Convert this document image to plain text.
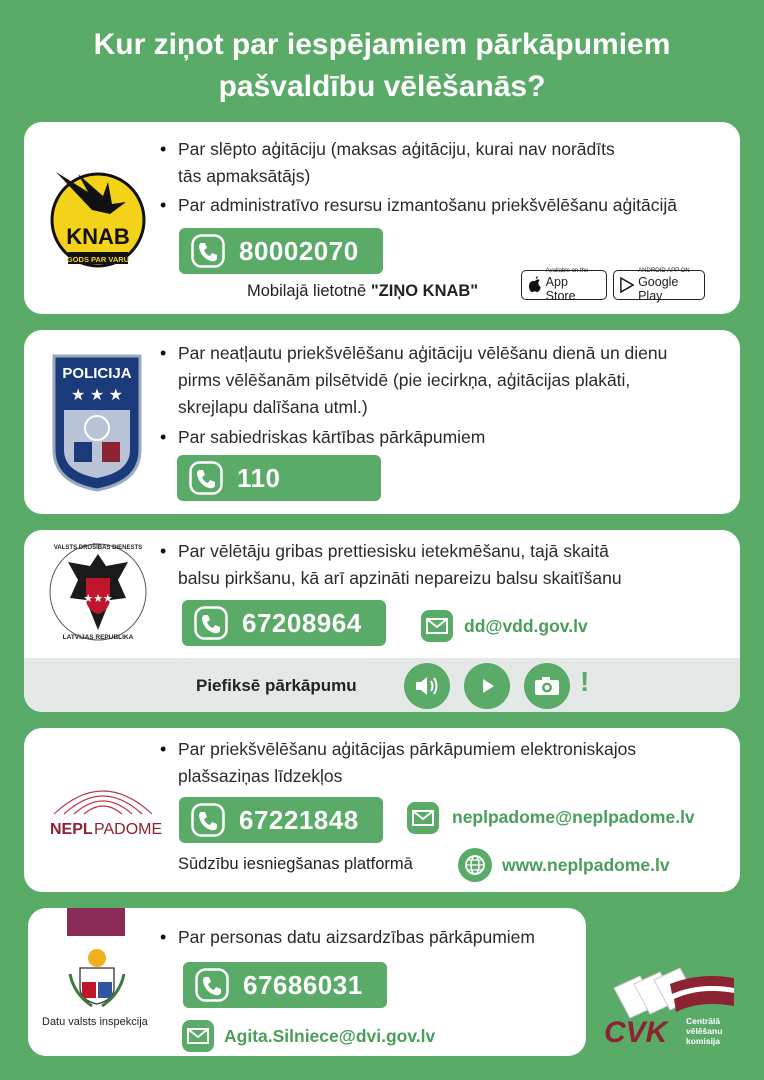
Kur ziņot par iespējamiem pārkāpumiem
pašvaldību vēlēšanās?
KNAB
GODS PAR VARU
• Par slēpto aģitāciju (maksas aģitāciju, kurai nav norādīts
tās apmaksātājs)
• Par administratīvo resursu izmantošanu priekšvēlēšanu aģitācijā
80002070
Mobilajā lietotnē "ZIŅO KNAB"
Available on the
App Store
ANDROID APP ON
Google Play
POLICIJA
★ ★ ★
• Par neatļautu priekšvēlēšanu aģitāciju vēlēšanu dienā un dienu
pirms vēlēšanām pilsētvidē (pie iecirkņa, aģitācijas plakāti,
skrejlapu dalīšana utml.)
• Par sabiedriskas kārtības pārkāpumiem
110
★★★
LATVIJAS REPUBLIKA
VALSTS DROŠĪBAS DIENESTS
•	Par vēlētāju gribas prettiesisku ietekmēšanu, tajā skaitā
balsu pirkšanu, kā arī apzināti nepareizu balsu skaitīšanu
67208964	dd@vdd.gov.lv
Piefiksē pārkāpumu	!
NEPL PADOME
• Par priekšvēlēšanu aģitācijas pārkāpumiem elektroniskajos
plašsaziņas līdzekļos
67221848	neplpadome@neplpadome.lv
Sūdzību iesniegšanas platformā	www.neplpadome.lv
Datu valsts inspekcija
• Par personas datu aizsardzības pārkāpumiem
67686031
Agita.Silniece@dvi.gov.lv	CVK Centrālā
vēlēšanu
komisija
